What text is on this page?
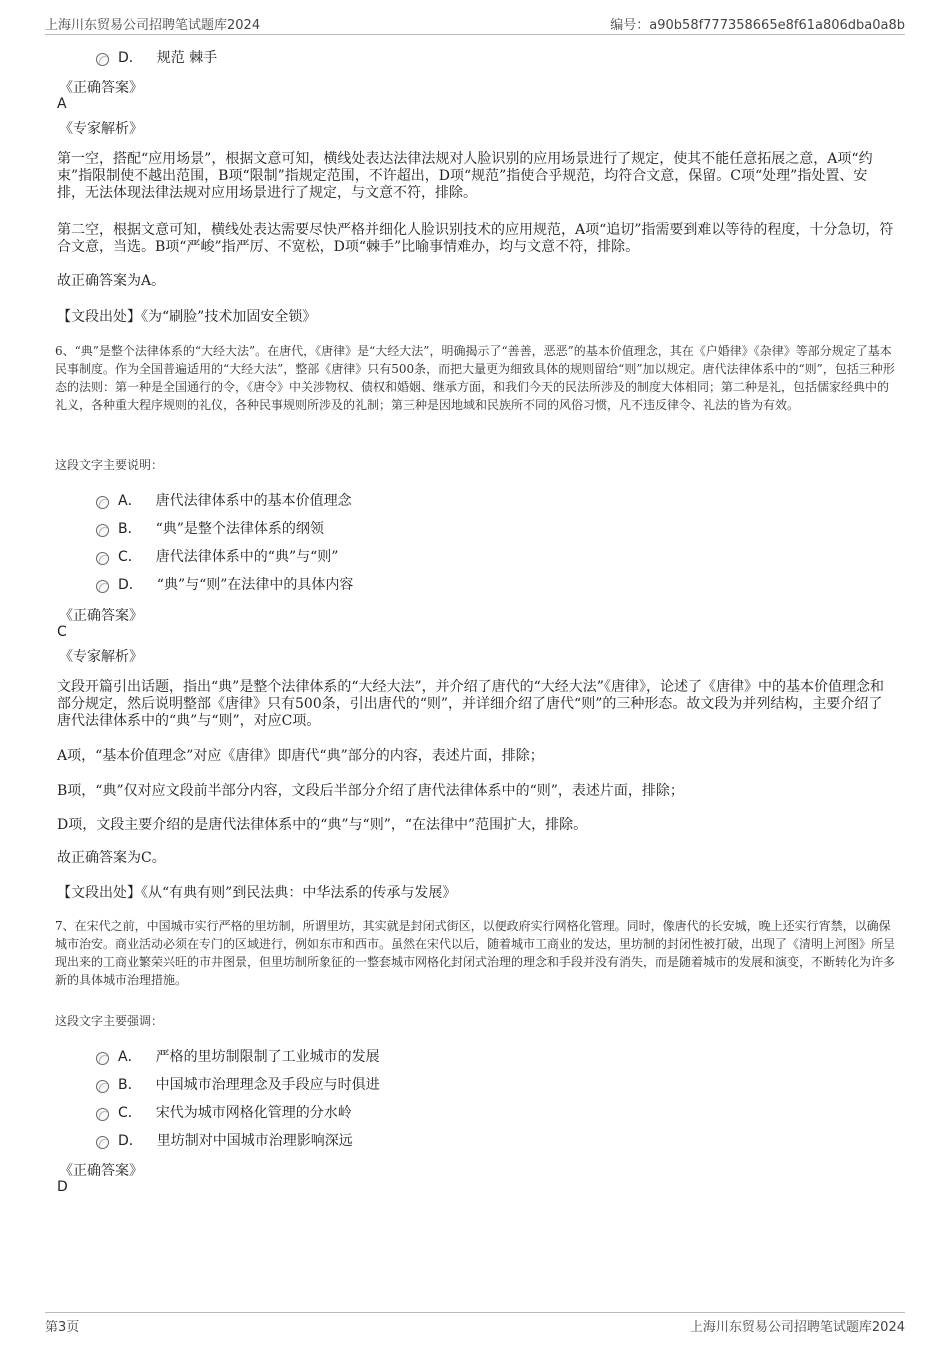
上海川东贸易公司招聘笔试题库2024	编号：a90b58f777358665e8f61a806dba0a8b
D． 规范 棘手
《正确答案》
A
《专家解析》
第一空，搭配“应用场景”，根据文意可知，横线处表达法律法规对人脸识别的应用场景进行了规定，使其不能任意拓展之意，A项“约束”指限制使不越出范围，B项“限制”指规定范围，不许超出，D项“规范”指使合乎规范，均符合文意，保留。C项“处理”指处置、安排，无法体现法律法规对应用场景进行了规定，与文意不符，排除。
第二空，根据文意可知，横线处表达需要尽快严格并细化人脸识别技术的应用规范，A项“追切”指需要到难以等待的程度，十分急切，符合文意，当选。B项“严峻”指严厉、不宽松，D项“棘手”比喻事情难办，均与文意不符，排除。
故正确答案为A。
【文段出处】《为“刷脸”技术加固安全锁》
6、“典”是整个法律体系的“大经大法”。在唐代，《唐律》是“大经大法”，明确揭示了“善善，恶恶”的基本价值理念，其在《户婚律》《杂律》等部分规定了基本民事制度。作为全国普遍适用的“大经大法”，整部《唐律》只有500条，而把大量更为细致具体的规则留给“则”加以规定。唐代法律体系中的“则”，包括三种形态的法则：第一种是全国通行的令，《唐令》中关涉物权、债权和婚姻、继承方面，和我们今天的民法所涉及的制度大体相同；第二种是礼，包括儒家经典中的礼义，各种重大程序规则的礼仪，各种民事规则所涉及的礼制；第三种是因地域和民族所不同的风俗习惯，凡不违反律令、礼法的皆为有效。
这段文字主要说明：
A． 唐代法律体系中的基本价值理念
B． “典”是整个法律体系的纲领
C． 唐代法律体系中的“典”与“则”
D． “典”与“则”在法律中的具体内容
《正确答案》
C
《专家解析》
文段开篇引出话题，指出“典”是整个法律体系的“大经大法”，并介绍了唐代的“大经大法”《唐律》，论述了《唐律》中的基本价值理念和部分规定，然后说明整部《唐律》只有500条，引出唐代的“则”，并详细介绍了唐代“则”的三种形态。故文段为并列结构，主要介绍了唐代法律体系中的“典”与“则”，对应C项。
A项，“基本价值理念”对应《唐律》即唐代“典”部分的内容，表述片面，排除；
B项，“典”仅对应文段前半部分内容，文段后半部分介绍了唐代法律体系中的“则”，表述片面，排除；
D项，文段主要介绍的是唐代法律体系中的“典”与“则”，“在法律中”范围扩大，排除。
故正确答案为C。
【文段出处】《从“有典有则”到民法典：中华法系的传承与发展》
7、在宋代之前，中国城市实行严格的里坊制，所谓里坊，其实就是封闭式街区，以便政府实行网格化管理。同时，像唐代的长安城，晚上还实行宵禁，以确保城市治安。商业活动必须在专门的区域进行，例如东市和西市。虽然在宋代以后，随着城市工商业的发达，里坊制的封闭性被打破，出现了《清明上河图》所呈现出来的工商业繁荣兴旺的市井图景，但里坊制所象征的一整套城市网格化封闭式治理的理念和手段并没有消失，而是随着城市的发展和演变，不断转化为许多新的具体城市治理措施。
这段文字主要强调：
A． 严格的里坊制限制了工业城市的发展
B． 中国城市治理理念及手段应与时俱进
C． 宋代为城市网格化管理的分水岭
D． 里坊制对中国城市治理影响深远
《正确答案》
D
第3页	上海川东贸易公司招聘笔试题库2024
